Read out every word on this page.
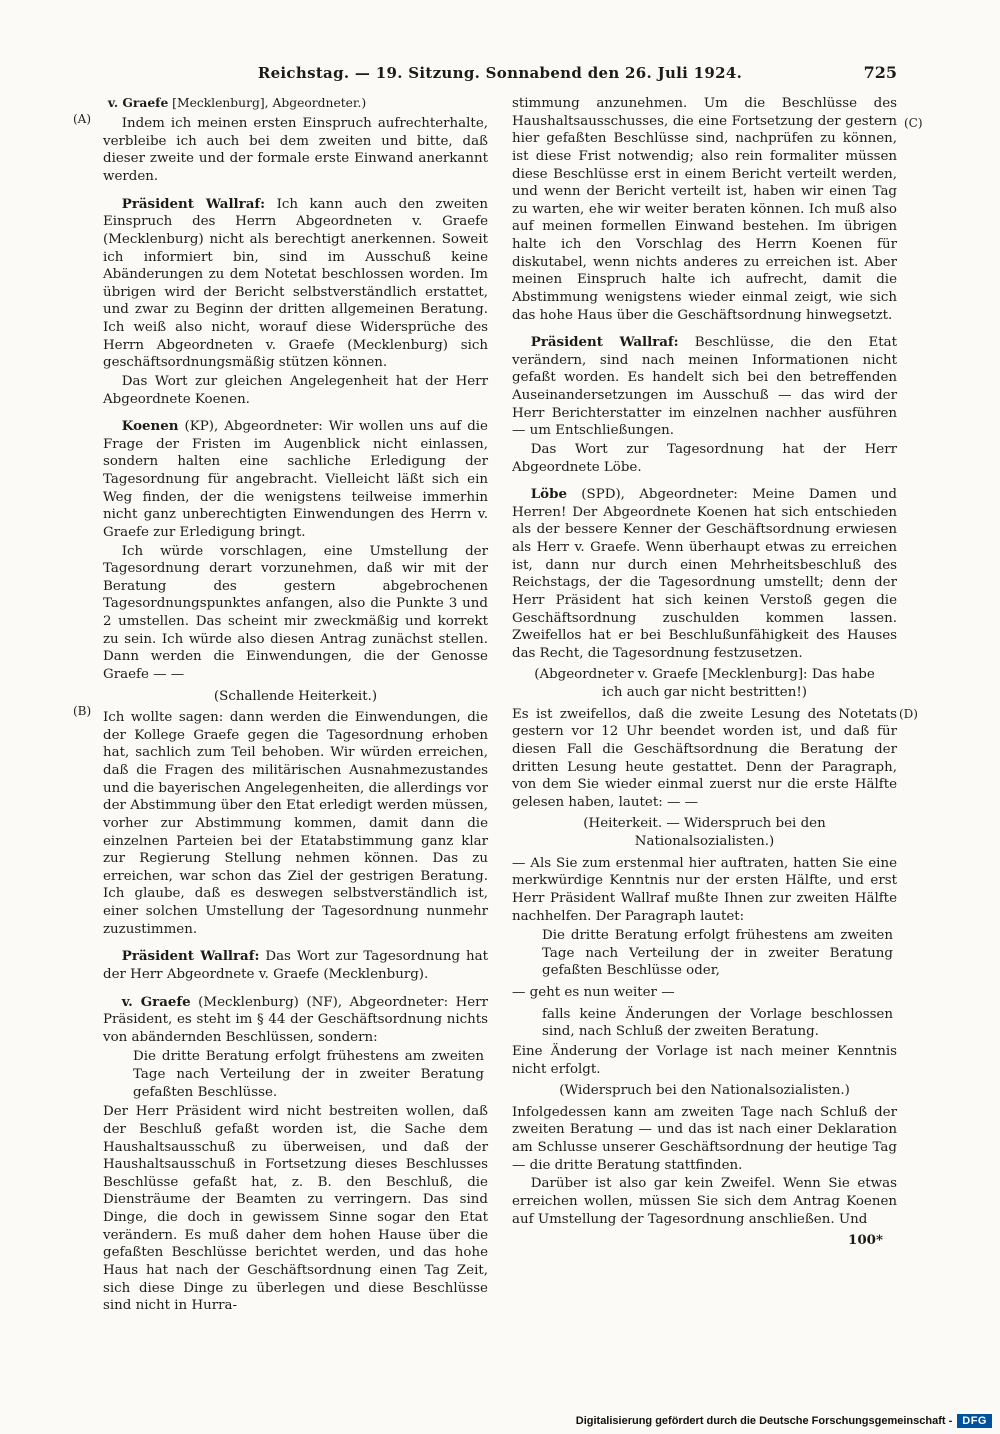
Reichstag. — 19. Sitzung. Sonnabend den 26. Juli 1924.	725
(A)
(B)
(C)
(D)

v. Graefe [Mecklenburg], Abgeordneter.)

Indem ich meinen ersten Einspruch aufrechterhalte, verbleibe ich auch bei dem zweiten und bitte, daß dieser zweite und der formale erste Einwand anerkannt werden.

Präsident Wallraf: Ich kann auch den zweiten Einspruch des Herrn Abgeordneten v. Graefe (Mecklenburg) nicht als berechtigt anerkennen. Soweit ich informiert bin, sind im Ausschuß keine Abänderungen zu dem Notetat beschlossen worden. Im übrigen wird der Bericht selbstverständlich erstattet, und zwar zu Beginn der dritten allgemeinen Beratung. Ich weiß also nicht, worauf diese Widersprüche des Herrn Abgeordneten v. Graefe (Mecklenburg) sich geschäftsordnungsmäßig stützen können.

Das Wort zur gleichen Angelegenheit hat der Herr Abgeordnete Koenen.

Koenen (KP), Abgeordneter: Wir wollen uns auf die Frage der Fristen im Augenblick nicht einlassen, sondern halten eine sachliche Erledigung der Tagesordnung für angebracht. Vielleicht läßt sich ein Weg finden, der die wenigstens teilweise immerhin nicht ganz unberechtigten Einwendungen des Herrn v. Graefe zur Erledigung bringt.

Ich würde vorschlagen, eine Umstellung der Tagesordnung derart vorzunehmen, daß wir mit der Beratung des gestern abgebrochenen Tagesordnungspunktes anfangen, also die Punkte 3 und 2 umstellen. Das scheint mir zweckmäßig und korrekt zu sein. Ich würde also diesen Antrag zunächst stellen. Dann werden die Einwendungen, die der Genosse Graefe — —

(Schallende Heiterkeit.)

Ich wollte sagen: dann werden die Einwendungen, die der Kollege Graefe gegen die Tagesordnung erhoben hat, sachlich zum Teil behoben. Wir würden erreichen, daß die Fragen des militärischen Ausnahmezustandes und die bayerischen Angelegenheiten, die allerdings vor der Abstimmung über den Etat erledigt werden müssen, vorher zur Abstimmung kommen, damit dann die einzelnen Parteien bei der Etatabstimmung ganz klar zur Regierung Stellung nehmen können. Das zu erreichen, war schon das Ziel der gestrigen Beratung. Ich glaube, daß es deswegen selbstverständlich ist, einer solchen Umstellung der Tagesordnung nunmehr zuzustimmen.

Präsident Wallraf: Das Wort zur Tagesordnung hat der Herr Abgeordnete v. Graefe (Mecklenburg).

v. Graefe (Mecklenburg) (NF), Abgeordneter: Herr Präsident, es steht im § 44 der Geschäftsordnung nichts von abändernden Beschlüssen, sondern:

Die dritte Beratung erfolgt frühestens am zweiten Tage nach Verteilung der in zweiter Beratung gefaßten Beschlüsse.

Der Herr Präsident wird nicht bestreiten wollen, daß der Beschluß gefaßt worden ist, die Sache dem Haushaltsausschuß zu überweisen, und daß der Haushaltsausschuß in Fortsetzung dieses Beschlusses Beschlüsse gefaßt hat, z. B. den Beschluß, die Diensträume der Beamten zu verringern. Das sind Dinge, die doch in gewissem Sinne sogar den Etat verändern. Es muß daher dem hohen Hause über die gefaßten Beschlüsse berichtet werden, und das hohe Haus hat nach der Geschäftsordnung einen Tag Zeit, sich diese Dinge zu überlegen und diese Beschlüsse sind nicht in Hurra-

stimmung anzunehmen. Um die Beschlüsse des Haushaltsausschusses, die eine Fortsetzung der gestern hier gefaßten Beschlüsse sind, nachprüfen zu können, ist diese Frist notwendig; also rein formaliter müssen diese Beschlüsse erst in einem Bericht verteilt werden, und wenn der Bericht verteilt ist, haben wir einen Tag zu warten, ehe wir weiter beraten können. Ich muß also auf meinen formellen Einwand bestehen. Im übrigen halte ich den Vorschlag des Herrn Koenen für diskutabel, wenn nichts anderes zu erreichen ist. Aber meinen Einspruch halte ich aufrecht, damit die Abstimmung wenigstens wieder einmal zeigt, wie sich das hohe Haus über die Geschäftsordnung hinwegsetzt.

Präsident Wallraf: Beschlüsse, die den Etat verändern, sind nach meinen Informationen nicht gefaßt worden. Es handelt sich bei den betreffenden Auseinandersetzungen im Ausschuß — das wird der Herr Berichterstatter im einzelnen nachher ausführen — um Entschließungen.

Das Wort zur Tagesordnung hat der Herr Abgeordnete Löbe.

Löbe (SPD), Abgeordneter: Meine Damen und Herren! Der Abgeordnete Koenen hat sich entschieden als der bessere Kenner der Geschäftsordnung erwiesen als Herr v. Graefe. Wenn überhaupt etwas zu erreichen ist, dann nur durch einen Mehrheitsbeschluß des Reichstags, der die Tagesordnung umstellt; denn der Herr Präsident hat sich keinen Verstoß gegen die Geschäftsordnung zuschulden kommen lassen. Zweifellos hat er bei Beschlußunfähigkeit des Hauses das Recht, die Tagesordnung festzusetzen.

(Abgeordneter v. Graefe [Mecklenburg]: Das habe ich auch gar nicht bestritten!)

Es ist zweifellos, daß die zweite Lesung des Notetats gestern vor 12 Uhr beendet worden ist, und daß für diesen Fall die Geschäftsordnung die Beratung der dritten Lesung heute gestattet. Denn der Paragraph, von dem Sie wieder einmal zuerst nur die erste Hälfte gelesen haben, lautet: — —

(Heiterkeit. — Widerspruch bei den Nationalsozialisten.)

— Als Sie zum erstenmal hier auftraten, hatten Sie eine merkwürdige Kenntnis nur der ersten Hälfte, und erst Herr Präsident Wallraf mußte Ihnen zur zweiten Hälfte nachhelfen. Der Paragraph lautet:

Die dritte Beratung erfolgt frühestens am zweiten Tage nach Verteilung der in zweiter Beratung gefaßten Beschlüsse oder,

— geht es nun weiter —

falls keine Änderungen der Vorlage beschlossen sind, nach Schluß der zweiten Beratung.

Eine Änderung der Vorlage ist nach meiner Kenntnis nicht erfolgt.

(Widerspruch bei den Nationalsozialisten.)

Infolgedessen kann am zweiten Tage nach Schluß der zweiten Beratung — und das ist nach einer Deklaration am Schlusse unserer Geschäftsordnung der heutige Tag — die dritte Beratung stattfinden.

Darüber ist also gar kein Zweifel. Wenn Sie etwas erreichen wollen, müssen Sie sich dem Antrag Koenen auf Umstellung der Tagesordnung anschließen. Und

100*

Digitalisierung gefördert durch die Deutsche Forschungsgemeinschaft - DFG
